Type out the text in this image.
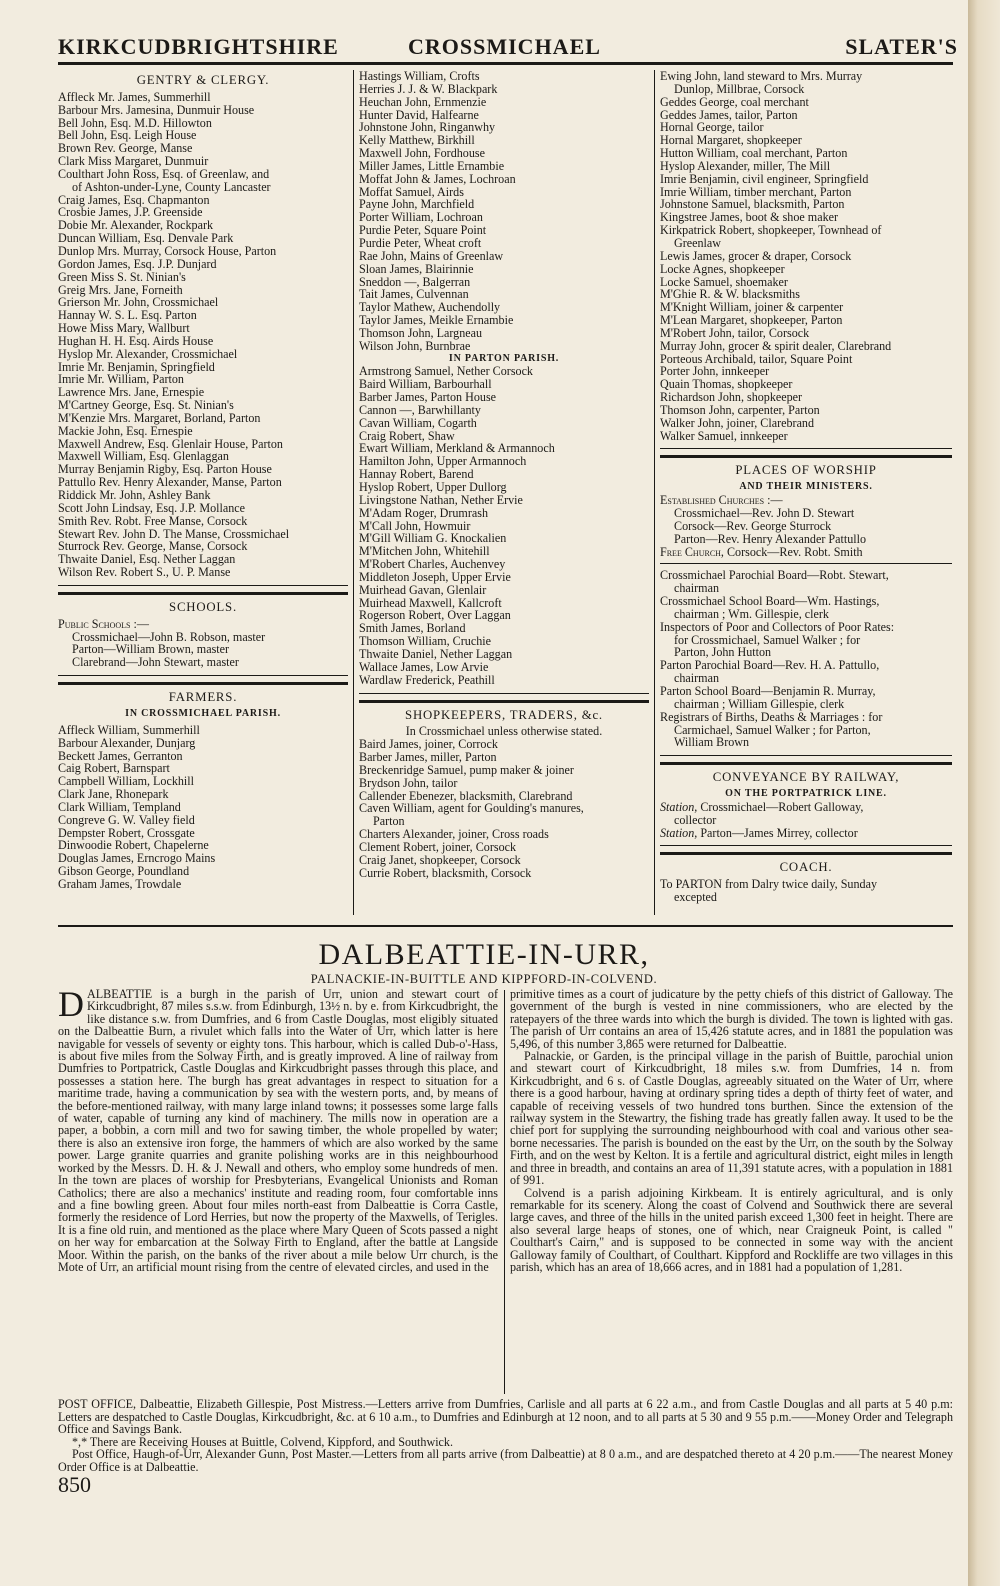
KIRKCUDBRIGHTSHIRE	CROSSMICHAEL	SLATER'S
GENTRY & CLERGY.
Affleck Mr. James, Summerhill
Barbour Mrs. Jamesina, Dunmuir House
Bell John, Esq. M.D. Hillowton
Bell John, Esq. Leigh House
Brown Rev. George, Manse
Clark Miss Margaret, Dunmuir
Coulthart John Ross, Esq. of Greenlaw, and
of Ashton-under-Lyne, County Lancaster
Craig James, Esq. Chapmanton
Crosbie James, J.P. Greenside
Dobie Mr. Alexander, Rockpark
Duncan William, Esq. Denvale Park
Dunlop Mrs. Murray, Corsock House, Parton
Gordon James, Esq. J.P. Dunjard
Green Miss S. St. Ninian's
Greig Mrs. Jane, Forneith
Grierson Mr. John, Crossmichael
Hannay W. S. L. Esq. Parton
Howe Miss Mary, Wallburt
Hughan H. H. Esq. Airds House
Hyslop Mr. Alexander, Crossmichael
Imrie Mr. Benjamin, Springfield
Imrie Mr. William, Parton
Lawrence Mrs. Jane, Ernespie
M'Cartney George, Esq. St. Ninian's
M'Kenzie Mrs. Margaret, Borland, Parton
Mackie John, Esq. Ernespie
Maxwell Andrew, Esq. Glenlair House, Parton
Maxwell William, Esq. Glenlaggan
Murray Benjamin Rigby, Esq. Parton House
Pattullo Rev. Henry Alexander, Manse, Parton
Riddick Mr. John, Ashley Bank
Scott John Lindsay, Esq. J.P. Mollance
Smith Rev. Robt. Free Manse, Corsock
Stewart Rev. John D. The Manse, Crossmichael
Sturrock Rev. George, Manse, Corsock
Thwaite Daniel, Esq. Nether Laggan
Wilson Rev. Robert S., U. P. Manse
SCHOOLS.
Public Schools :—
Crossmichael—John B. Robson, master
Parton—William Brown, master
Clarebrand—John Stewart, master
FARMERS.
IN CROSSMICHAEL PARISH.
Affleck William, Summerhill
Barbour Alexander, Dunjarg
Beckett James, Gerranton
Caig Robert, Barnspart
Campbell William, Lockhill
Clark Jane, Rhonepark
Clark William, Templand
Congreve G. W. Valley field
Dempster Robert, Crossgate
Dinwoodie Robert, Chapelerne
Douglas James, Erncrogo Mains
Gibson George, Poundland
Graham James, Trowdale
Hastings William, Crofts
Herries J. J. & W. Blackpark
Heuchan John, Ernmenzie
Hunter David, Halfearne
Johnstone John, Ringanwhy
Kelly Matthew, Birkhill
Maxwell John, Fordhouse
Miller James, Little Ernambie
Moffat John & James, Lochroan
Moffat Samuel, Airds
Payne John, Marchfield
Porter William, Lochroan
Purdie Peter, Square Point
Purdie Peter, Wheat croft
Rae John, Mains of Greenlaw
Sloan James, Blairinnie
Sneddon —, Balgerran
Tait James, Culvennan
Taylor Mathew, Auchendolly
Taylor James, Meikle Ernambie
Thomson John, Largneau
Wilson John, Burnbrae
IN PARTON PARISH.
Armstrong Samuel, Nether Corsock
Baird William, Barbourhall
Barber James, Parton House
Cannon —, Barwhillanty
Cavan William, Cogarth
Craig Robert, Shaw
Ewart William, Merkland & Armannoch
Hamilton John, Upper Armannoch
Hannay Robert, Barend
Hyslop Robert, Upper Dullorg
Livingstone Nathan, Nether Ervie
M'Adam Roger, Drumrash
M'Call John, Howmuir
M'Gill William G. Knockalien
M'Mitchen John, Whitehill
M'Robert Charles, Auchenvey
Middleton Joseph, Upper Ervie
Muirhead Gavan, Glenlair
Muirhead Maxwell, Kallcroft
Rogerson Robert, Over Laggan
Smith James, Borland
Thomson William, Cruchie
Thwaite Daniel, Nether Laggan
Wallace James, Low Arvie
Wardlaw Frederick, Peathill
SHOPKEEPERS, TRADERS, &c.
In Crossmichael unless otherwise stated.
Baird James, joiner, Corrock
Barber James, miller, Parton
Breckenridge Samuel, pump maker & joiner
Brydson John, tailor
Callender Ebenezer, blacksmith, Clarebrand
Caven William, agent for Goulding's manures,
Parton
Charters Alexander, joiner, Cross roads
Clement Robert, joiner, Corsock
Craig Janet, shopkeeper, Corsock
Currie Robert, blacksmith, Corsock
Ewing John, land steward to Mrs. Murray
Dunlop, Millbrae, Corsock
Geddes George, coal merchant
Geddes James, tailor, Parton
Hornal George, tailor
Hornal Margaret, shopkeeper
Hutton William, coal merchant, Parton
Hyslop Alexander, miller, The Mill
Imrie Benjamin, civil engineer, Springfield
Imrie William, timber merchant, Parton
Johnstone Samuel, blacksmith, Parton
Kingstree James, boot & shoe maker
Kirkpatrick Robert, shopkeeper, Townhead of
Greenlaw
Lewis James, grocer & draper, Corsock
Locke Agnes, shopkeeper
Locke Samuel, shoemaker
M'Ghie R. & W. blacksmiths
M'Knight William, joiner & carpenter
M'Lean Margaret, shopkeeper, Parton
M'Robert John, tailor, Corsock
Murray John, grocer & spirit dealer, Clarebrand
Porteous Archibald, tailor, Square Point
Porter John, innkeeper
Quain Thomas, shopkeeper
Richardson John, shopkeeper
Thomson John, carpenter, Parton
Walker John, joiner, Clarebrand
Walker Samuel, innkeeper
PLACES OF WORSHIP
AND THEIR MINISTERS.
Established Churches :—
Crossmichael—Rev. John D. Stewart
Corsock—Rev. George Sturrock
Parton—Rev. Henry Alexander Pattullo
Free Church, Corsock—Rev. Robt. Smith
Crossmichael Parochial Board—Robt. Stewart,
chairman
Crossmichael School Board—Wm. Hastings,
chairman ; Wm. Gillespie, clerk
Inspectors of Poor and Collectors of Poor Rates:
for Crossmichael, Samuel Walker ; for
Parton, John Hutton
Parton Parochial Board—Rev. H. A. Pattullo,
chairman
Parton School Board—Benjamin R. Murray,
chairman ; William Gillespie, clerk
Registrars of Births, Deaths & Marriages : for
Carmichael, Samuel Walker ; for Parton,
William Brown
CONVEYANCE BY RAILWAY,
ON THE PORTPATRICK LINE.
Station, Crossmichael—Robert Galloway,
collector
Station, Parton—James Mirrey, collector
COACH.
To PARTON from Dalry twice daily, Sunday
excepted
DALBEATTIE-IN-URR,
PALNACKIE-IN-BUITTLE AND KIPPFORD-IN-COLVEND.

DALBEATTIE is a burgh in the parish of Urr, union and stewart court of Kirkcudbright, 87 miles s.s.w. from Edinburgh, 13½ n. by e. from Kirkcudbright, the like distance s.w. from Dumfries, and 6 from Castle Douglas, most eligibly situated on the Dalbeattie Burn, a rivulet which falls into the Water of Urr, which latter is here navigable for vessels of seventy or eighty tons. This harbour, which is called Dub-o'-Hass, is about five miles from the Solway Firth, and is greatly improved. A line of railway from Dumfries to Portpatrick, Castle Douglas and Kirkcudbright passes through this place, and possesses a station here. The burgh has great advantages in respect to situation for a maritime trade, having a communication by sea with the western ports, and, by means of the before-mentioned railway, with many large inland towns; it possesses some large falls of water, capable of turning any kind of machinery. The mills now in operation are a paper, a bobbin, a corn mill and two for sawing timber, the whole propelled by water; there is also an extensive iron forge, the hammers of which are also worked by the same power. Large granite quarries and granite polishing works are in this neighbourhood worked by the Messrs. D. H. & J. Newall and others, who employ some hundreds of men. In the town are places of worship for Presbyterians, Evangelical Unionists and Roman Catholics; there are also a mechanics' institute and reading room, four comfortable inns and a fine bowling green. About four miles north-east from Dalbeattie is Corra Castle, formerly the residence of Lord Herries, but now the property of the Maxwells, of Terigles. It is a fine old ruin, and mentioned as the place where Mary Queen of Scots passed a night on her way for embarcation at the Solway Firth to England, after the battle at Langside Moor. Within the parish, on the banks of the river about a mile below Urr church, is the Mote of Urr, an artificial mount rising from the centre of elevated circles, and used in the

primitive times as a court of judicature by the petty chiefs of this district of Galloway. The government of the burgh is vested in nine commissioners, who are elected by the ratepayers of the three wards into which the burgh is divided. The town is lighted with gas. The parish of Urr contains an area of 15,426 statute acres, and in 1881 the population was 5,496, of this number 3,865 were returned for Dalbeattie.

Palnackie, or Garden, is the principal village in the parish of Buittle, parochial union and stewart court of Kirkcudbright, 18 miles s.w. from Dumfries, 14 n. from Kirkcudbright, and 6 s. of Castle Douglas, agreeably situated on the Water of Urr, where there is a good harbour, having at ordinary spring tides a depth of thirty feet of water, and capable of receiving vessels of two hundred tons burthen. Since the extension of the railway system in the Stewartry, the fishing trade has greatly fallen away. It used to be the chief port for supplying the surrounding neighbourhood with coal and various other sea-borne necessaries. The parish is bounded on the east by the Urr, on the south by the Solway Firth, and on the west by Kelton. It is a fertile and agricultural district, eight miles in length and three in breadth, and contains an area of 11,391 statute acres, with a population in 1881 of 991.

Colvend is a parish adjoining Kirkbeam. It is entirely agricultural, and is only remarkable for its scenery. Along the coast of Colvend and Southwick there are several large caves, and three of the hills in the united parish exceed 1,300 feet in height. There are also several large heaps of stones, one of which, near Craigneuk Point, is called " Coulthart's Cairn," and is supposed to be connected in some way with the ancient Galloway family of Coulthart, of Coulthart. Kippford and Rockliffe are two villages in this parish, which has an area of 18,666 acres, and in 1881 had a population of 1,281.

POST OFFICE, Dalbeattie, Elizabeth Gillespie, Post Mistress.—Letters arrive from Dumfries, Carlisle and all parts at 6 22 a.m., and from Castle Douglas and all parts at 5 40 p.m: Letters are despatched to Castle Douglas, Kirkcudbright, &c. at 6 10 a.m., to Dumfries and Edinburgh at 12 noon, and to all parts at 5 30 and 9 55 p.m.——Money Order and Telegraph Office and Savings Bank.

*,* There are Receiving Houses at Buittle, Colvend, Kippford, and Southwick.

Post Office, Haugh-of-Urr, Alexander Gunn, Post Master.—Letters from all parts arrive (from Dalbeattie) at 8 0 a.m., and are despatched thereto at 4 20 p.m.——The nearest Money Order Office is at Dalbeattie.

850
